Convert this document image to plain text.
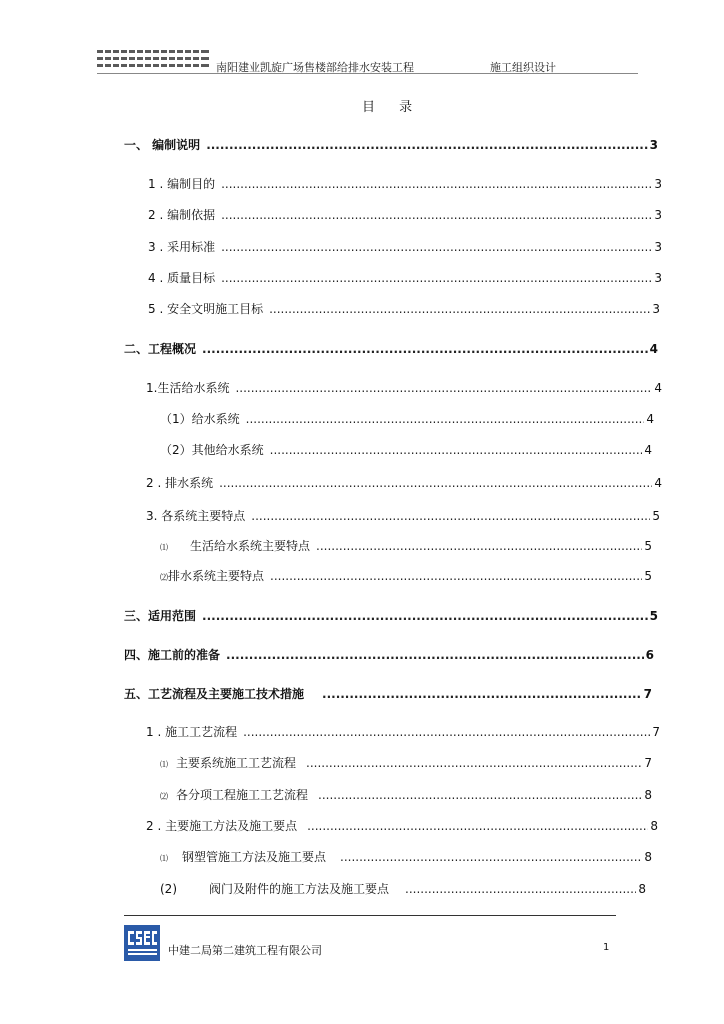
南阳建业凯旋广场售楼部给排水安装工程	施工组织设计
目 录
一、 编制说明 .....	3
1 . 编制目的 .....	3
2 . 编制依据 .....	3
3 . 采用标准 .....	3
4 . 质量目标 .....	3
5 . 安全文明施工目标 .....	3
二、工程概况 .....	4
1.生活给水系统 .....	4
（1）给水系统 .....	4
（2）其他给水系统 .....	4
2 . 排水系统 .....	4
3. 各系统主要特点 .....	5
⑴ 生活给水系统主要特点 .....	5
⑵ 排水系统主要特点 .....	5
三、适用范围 .....	5
四、施工前的准备 .....	6
五、工艺流程及主要施工技术措施 .....	7
1 . 施工工艺流程 .....	7
⑴ 主要系统施工工艺流程 .....	7
⑵ 各分项工程施工工艺流程 .....	8
2 . 主要施工方法及施工要点 .....	8
⑴ 钢塑管施工方法及施工要点 .....	8
(2)	阀门及附件的施工方法及施工要点 .....	8
中建二局第二建筑工程有限公司	1
